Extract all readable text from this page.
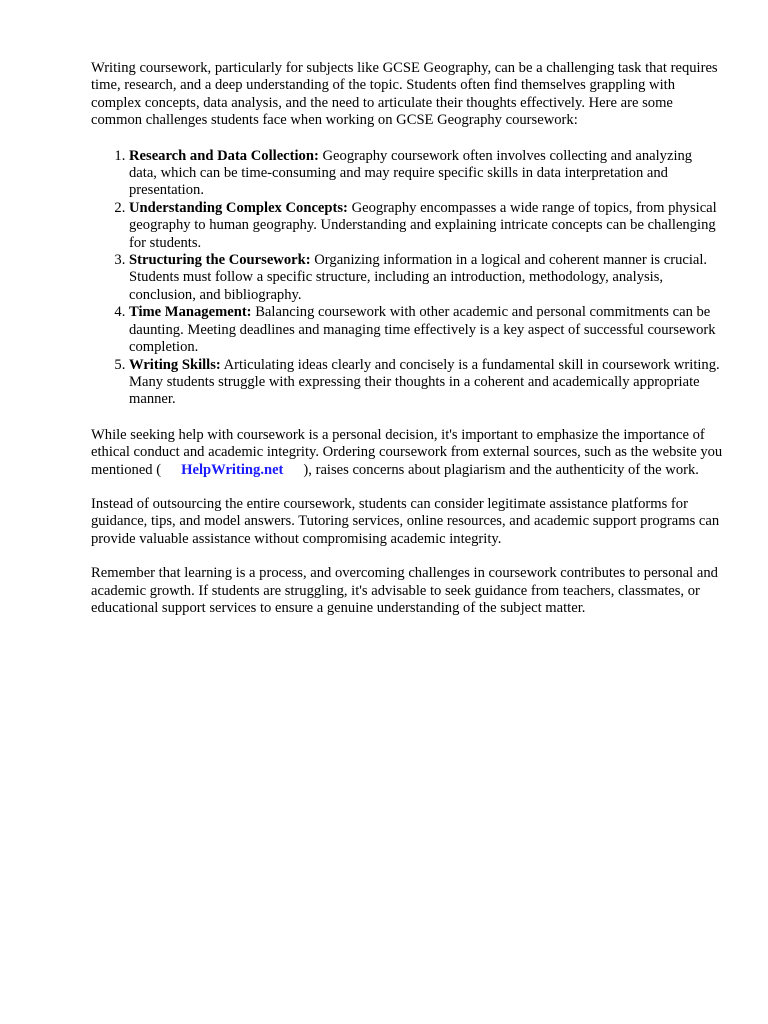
Writing coursework, particularly for subjects like GCSE Geography, can be a challenging task that requires time, research, and a deep understanding of the topic. Students often find themselves grappling with complex concepts, data analysis, and the need to articulate their thoughts effectively. Here are some common challenges students face when working on GCSE Geography coursework:

1. Research and Data Collection: Geography coursework often involves collecting and analyzing data, which can be time-consuming and may require specific skills in data interpretation and presentation.
2. Understanding Complex Concepts: Geography encompasses a wide range of topics, from physical geography to human geography. Understanding and explaining intricate concepts can be challenging for students.
3. Structuring the Coursework: Organizing information in a logical and coherent manner is crucial. Students must follow a specific structure, including an introduction, methodology, analysis, conclusion, and bibliography.
4. Time Management: Balancing coursework with other academic and personal commitments can be daunting. Meeting deadlines and managing time effectively is a key aspect of successful coursework completion.
5. Writing Skills: Articulating ideas clearly and concisely is a fundamental skill in coursework writing. Many students struggle with expressing their thoughts in a coherent and academically appropriate manner.

While seeking help with coursework is a personal decision, it's important to emphasize the importance of ethical conduct and academic integrity. Ordering coursework from external sources, such as the website you mentioned ( HelpWriting.net ), raises concerns about plagiarism and the authenticity of the work.

Instead of outsourcing the entire coursework, students can consider legitimate assistance platforms for guidance, tips, and model answers. Tutoring services, online resources, and academic support programs can provide valuable assistance without compromising academic integrity.

Remember that learning is a process, and overcoming challenges in coursework contributes to personal and academic growth. If students are struggling, it's advisable to seek guidance from teachers, classmates, or educational support services to ensure a genuine understanding of the subject matter.
